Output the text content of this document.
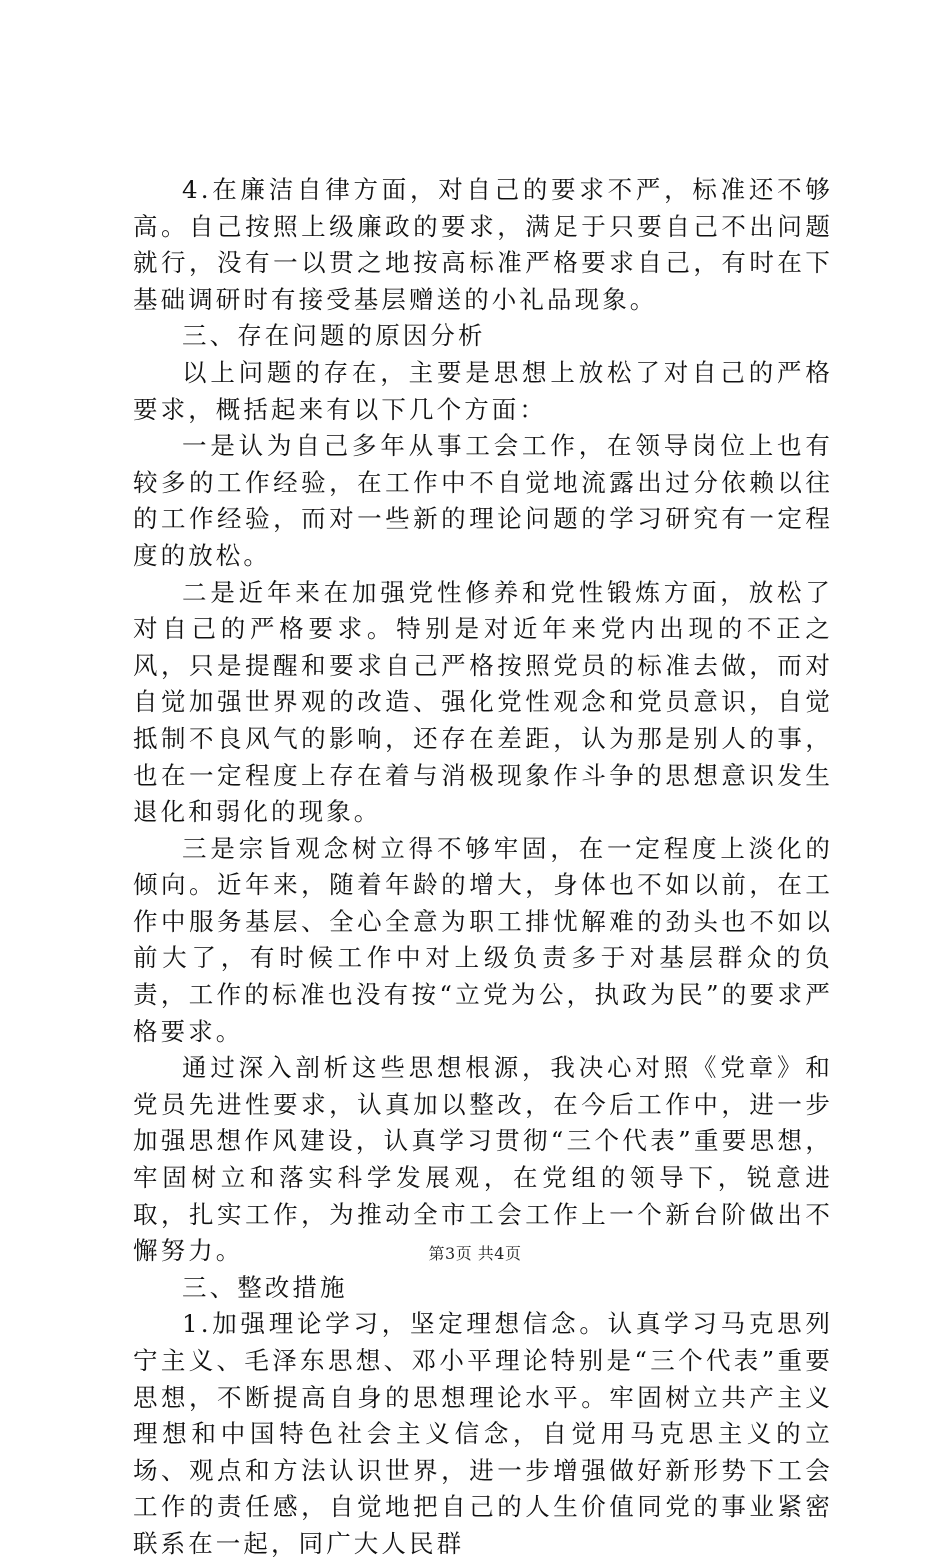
4.在廉洁自律方面，对自己的要求不严，标准还不够高。自己按照上级廉政的要求，满足于只要自己不出问题就行，没有一以贯之地按高标准严格要求自己，有时在下基础调研时有接受基层赠送的小礼品现象。

三、存在问题的原因分析

以上问题的存在，主要是思想上放松了对自己的严格要求，概括起来有以下几个方面：

一是认为自己多年从事工会工作，在领导岗位上也有较多的工作经验，在工作中不自觉地流露出过分依赖以往的工作经验，而对一些新的理论问题的学习研究有一定程度的放松。

二是近年来在加强党性修养和党性锻炼方面，放松了对自己的严格要求。特别是对近年来党内出现的不正之风，只是提醒和要求自己严格按照党员的标准去做，而对自觉加强世界观的改造、强化党性观念和党员意识，自觉抵制不良风气的影响，还存在差距，认为那是别人的事，也在一定程度上存在着与消极现象作斗争的思想意识发生退化和弱化的现象。

三是宗旨观念树立得不够牢固，在一定程度上淡化的倾向。近年来，随着年龄的增大，身体也不如以前，在工作中服务基层、全心全意为职工排忧解难的劲头也不如以前大了，有时候工作中对上级负责多于对基层群众的负责，工作的标准也没有按“立党为公，执政为民”的要求严格要求。

通过深入剖析这些思想根源，我决心对照《党章》和党员先进性要求，认真加以整改，在今后工作中，进一步加强思想作风建设，认真学习贯彻“三个代表”重要思想，牢固树立和落实科学发展观，在党组的领导下，锐意进取，扎实工作，为推动全市工会工作上一个新台阶做出不懈努力。

三、整改措施

1.加强理论学习，坚定理想信念。认真学习马克思列宁主义、毛泽东思想、邓小平理论特别是“三个代表”重要思想，不断提高自身的思想理论水平。牢固树立共产主义理想和中国特色社会主义信念，自觉用马克思主义的立场、观点和方法认识世界，进一步增强做好新形势下工会工作的责任感，自觉地把自己的人生价值同党的事业紧密联系在一起，同广大人民群

第3页 共4页
